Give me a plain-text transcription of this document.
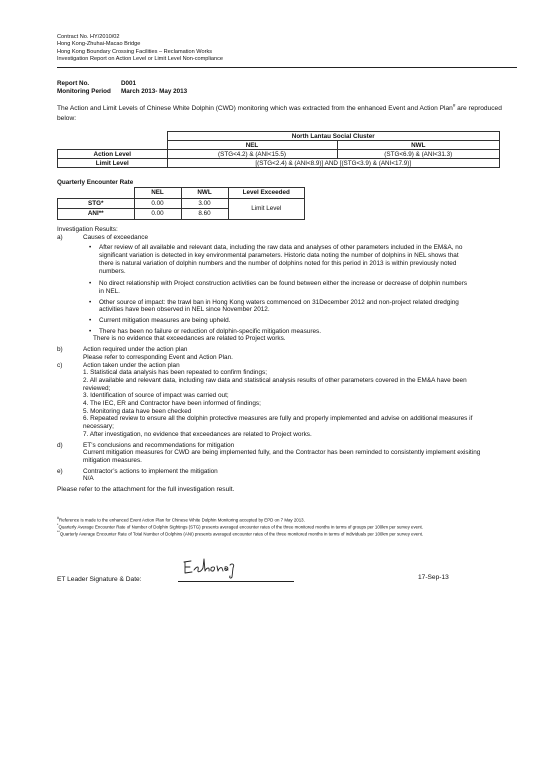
Contract No. HY/2010/02
Hong Kong-Zhuhai-Macao Bridge
Hong Kong Boundary Crossing Facilities – Reclamation Works
Investigation Report on Action Level or Limit Level Non-compliance
Report No.	D001
Monitoring Period March 2013- May 2013
The Action and Limit Levels of Chinese White Dolphin (CWD) monitoring which was extracted from the enhanced Event and Action Plan# are reproduced below:
	North Lantau Social Cluster	
	NEL	NWL
Action Level	(STG<4.2) & (ANI<15.5)	(STG<6.9) & (ANI<31.3)
Limit Level	[(STG<2.4) & (ANI<8.9)] AND [(STG<3.9) & (ANI<17.9)]	
Quarterly Encounter Rate
	NEL	NWL	Level Exceeded
STG*	0.00	3.00	Limit Level
ANI**	0.00	8.60	
Investigation Results:
a)	Causes of exceedance
•	After review of all available and relevant data, including the raw data and analyses of other parameters included in the EM&A, no significant variation is detected in key environmental parameters. Historic data noting the number of dolphins in NEL shows that there is natural variation of dolphin numbers and the number of dolphins noted for this period in 2013 is within previously noted numbers.
•	No direct relationship with Project construction activities can be found between either the increase or decrease of dolphin numbers in NEL.
•	Other source of impact: the trawl ban in Hong Kong waters commenced on 31December 2012 and non-project related dredging activities have been observed in NEL since November 2012.
•	Current mitigation measures are being upheld.
•	There has been no failure or reduction of dolphin-specific mitigation measures.
There is no evidence that exceedances are related to Project works.
b)	Action required under the action plan
Please refer to corresponding Event and Action Plan.
c)	Action taken under the action plan
1. Statistical data analysis has been repeated to confirm findings;
2. All available and relevant data, including raw data and statistical analysis results of other parameters covered in the EM&A have been reviewed;
3. Identification of source of impact was carried out;
4. The IEC, ER and Contractor have been informed of findings;
5. Monitoring data have been checked
6. Repeated review to ensure all the dolphin protective measures are fully and properly implemented and advise on additional measures if necessary;
7. After investigation, no evidence that exceedances are related to Project works.
d)	ET’s conclusions and recommendations for mitigation
Current mitigation measures for CWD are being implemented fully, and the Contractor has been reminded to consistently implement exisiting mitigation measures.
e)	Contractor’s actions to implement the mitigation
N/A
Please refer to the attachment for the full investigation result.
#Reference is made to the enhanced Event Action Plan for Chinese White Dolphin Monitoring accepted by EPD on 7 May 2013.
*Quarterly Average Encounter Rate of Number of Dolphin Sightings (STG) presents averaged encounter rates of the three monitored months in terms of groups per 100km per survey event.
**Quarterly Average Encounter Rate of Total Number of Dolphins (ANI) presents averaged encounter rates of the three monitored months in terms of individuals per 100km per survey event.
ET Leader Signature & Date:	17-Sep-13
